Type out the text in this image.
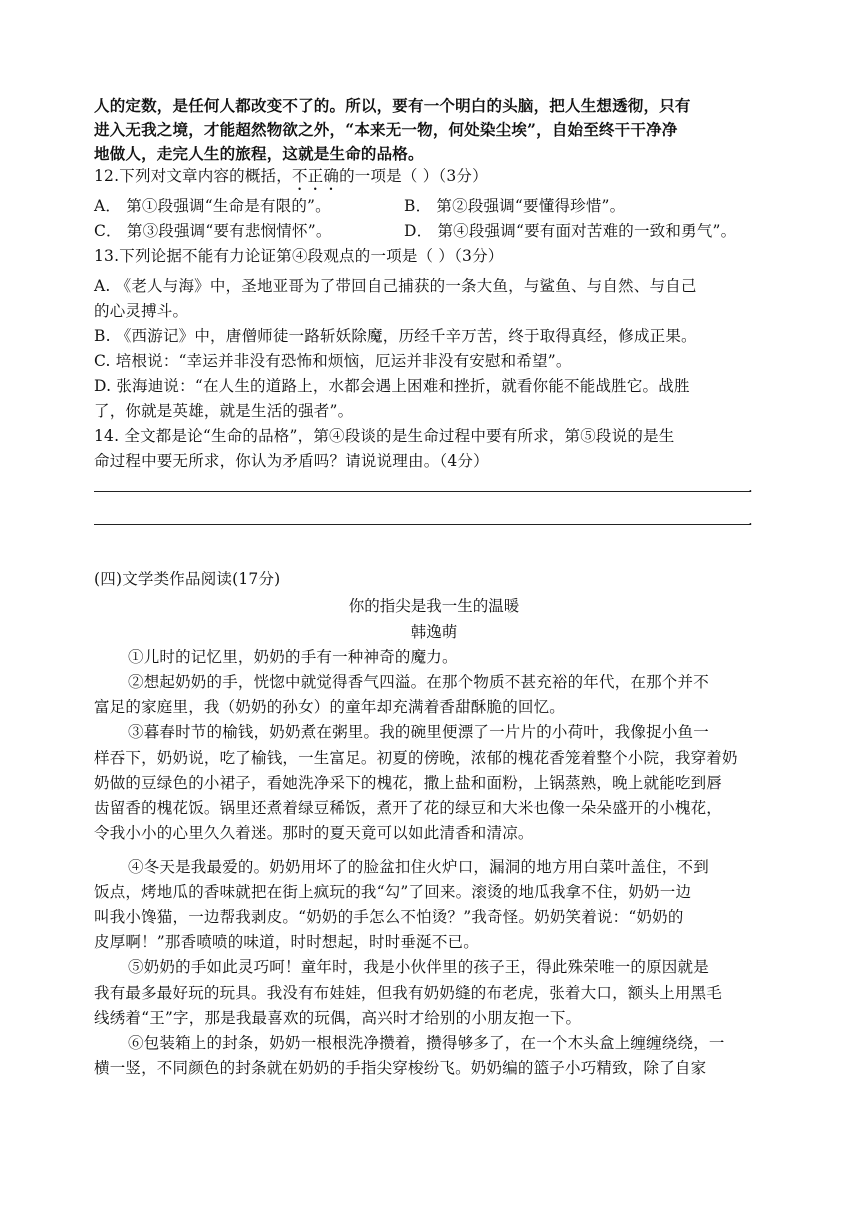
人的定数，是任何人都改变不了的。所以，要有一个明白的头脑，把人生想透彻，只有
进入无我之境，才能超然物欲之外，“本来无一物，何处染尘埃”，自始至终干干净净
地做人，走完人生的旅程，这就是生命的品格。
12.下列对文章内容的概括，不正确的一项是（ ）（3分）
A． 第①段强调“生命是有限的”。	B． 第②段强调“要懂得珍惜”。
C． 第③段强调“要有悲悯情怀”。	D． 第④段强调“要有面对苦难的一致和勇气”。
13.下列论据不能有力论证第④段观点的一项是（ ）（3分）
A. 《老人与海》中，圣地亚哥为了带回自己捕获的一条大鱼，与鲨鱼、与自然、与自己
的心灵搏斗。
B. 《西游记》中，唐僧师徒一路斩妖除魔，历经千辛万苦，终于取得真经，修成正果。
C. 培根说：“幸运并非没有恐怖和烦恼，厄运并非没有安慰和希望”。
D. 张海迪说：“在人生的道路上，水都会遇上困难和挫折，就看你能不能战胜它。战胜
了，你就是英雄，就是生活的强者”。
14. 全文都是论“生命的品格”，第④段谈的是生命过程中要有所求，第⑤段说的是生
命过程中要无所求，你认为矛盾吗？请说说理由。（4分）
.
.
(四)文学类作品阅读(17分)
你的指尖是我一生的温暖
韩逸萌
①儿时的记忆里，奶奶的手有一种神奇的魔力。
②想起奶奶的手，恍惚中就觉得香气四溢。在那个物质不甚充裕的年代，在那个并不
富足的家庭里，我（奶奶的孙女）的童年却充满着香甜酥脆的回忆。
③暮春时节的榆钱，奶奶煮在粥里。我的碗里便漂了一片片的小荷叶，我像捉小鱼一
样吞下，奶奶说，吃了榆钱，一生富足。初夏的傍晚，浓郁的槐花香笼着整个小院，我穿着奶
奶做的豆绿色的小裙子，看她洗净采下的槐花，撒上盐和面粉，上锅蒸熟，晚上就能吃到唇
齿留香的槐花饭。锅里还煮着绿豆稀饭，煮开了花的绿豆和大米也像一朵朵盛开的小槐花，
令我小小的心里久久着迷。那时的夏天竟可以如此清香和清凉。
④冬天是我最爱的。奶奶用坏了的脸盆扣住火炉口，漏洞的地方用白菜叶盖住，不到
饭点，烤地瓜的香味就把在街上疯玩的我“勾”了回来。滚烫的地瓜我拿不住，奶奶一边
叫我小馋猫，一边帮我剥皮。“奶奶的手怎么不怕烫？”我奇怪。奶奶笑着说：“奶奶的
皮厚啊！”那香喷喷的味道，时时想起，时时垂涎不已。
⑤奶奶的手如此灵巧呵！童年时，我是小伙伴里的孩子王，得此殊荣唯一的原因就是
我有最多最好玩的玩具。我没有布娃娃，但我有奶奶缝的布老虎，张着大口，额头上用黑毛
线绣着“王”字，那是我最喜欢的玩偶，高兴时才给别的小朋友抱一下。
⑥包装箱上的封条，奶奶一根根洗净攒着，攒得够多了，在一个木头盒上缠缠绕绕，一
横一竖，不同颜色的封条就在奶奶的手指尖穿梭纷飞。奶奶编的篮子小巧精致，除了自家
